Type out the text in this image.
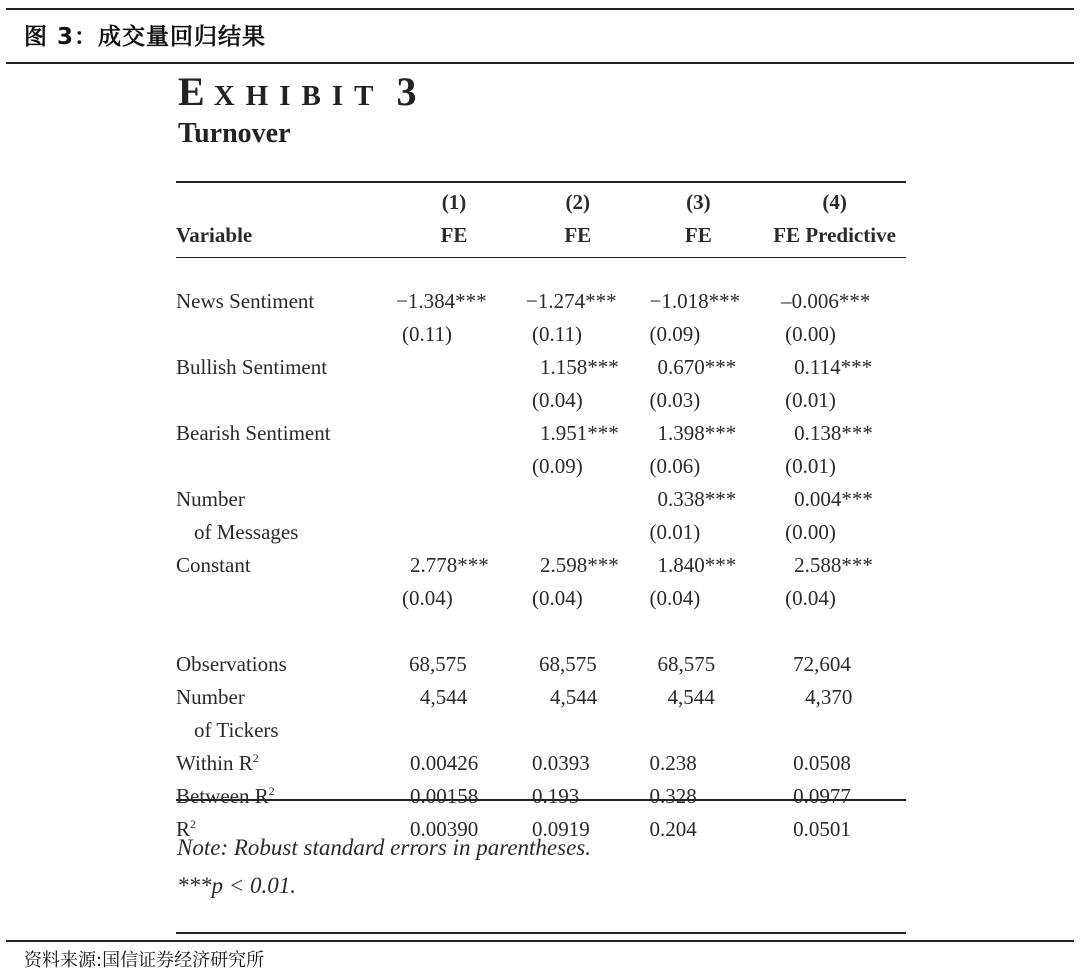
图 3：成交量回归结果
EXHIBIT 3
Turnover
	(1)	(2)	(3)	(4)
Variable	FE	FE	FE	FE Predictive

News Sentiment	−1.384***	−1.274***	−1.018***	–0.006***
	(0.11)	(0.11)	(0.09)	(0.00)
Bullish Sentiment		1.158***	0.670***	0.114***
		(0.04)	(0.03)	(0.01)
Bearish Sentiment		1.951***	1.398***	0.138***
		(0.09)	(0.06)	(0.01)
Number			0.338***	0.004***
of Messages			(0.01)	(0.00)
Constant	2.778***	2.598***	1.840***	2.588***
	(0.04)	(0.04)	(0.04)	(0.04)

Observations	68,575	68,575	68,575	72,604
Number	4,544	4,544	4,544	4,370
of Tickers				
Within $R^2$	0.00426	0.0393	0.238	0.0508
Between $R^2$	0.00158	0.193	0.328	0.0977
$R^2$	0.00390	0.0919	0.204	0.0501
Note: Robust standard errors in parentheses.
***p < 0.01.
资料来源:国信证券经济研究所
